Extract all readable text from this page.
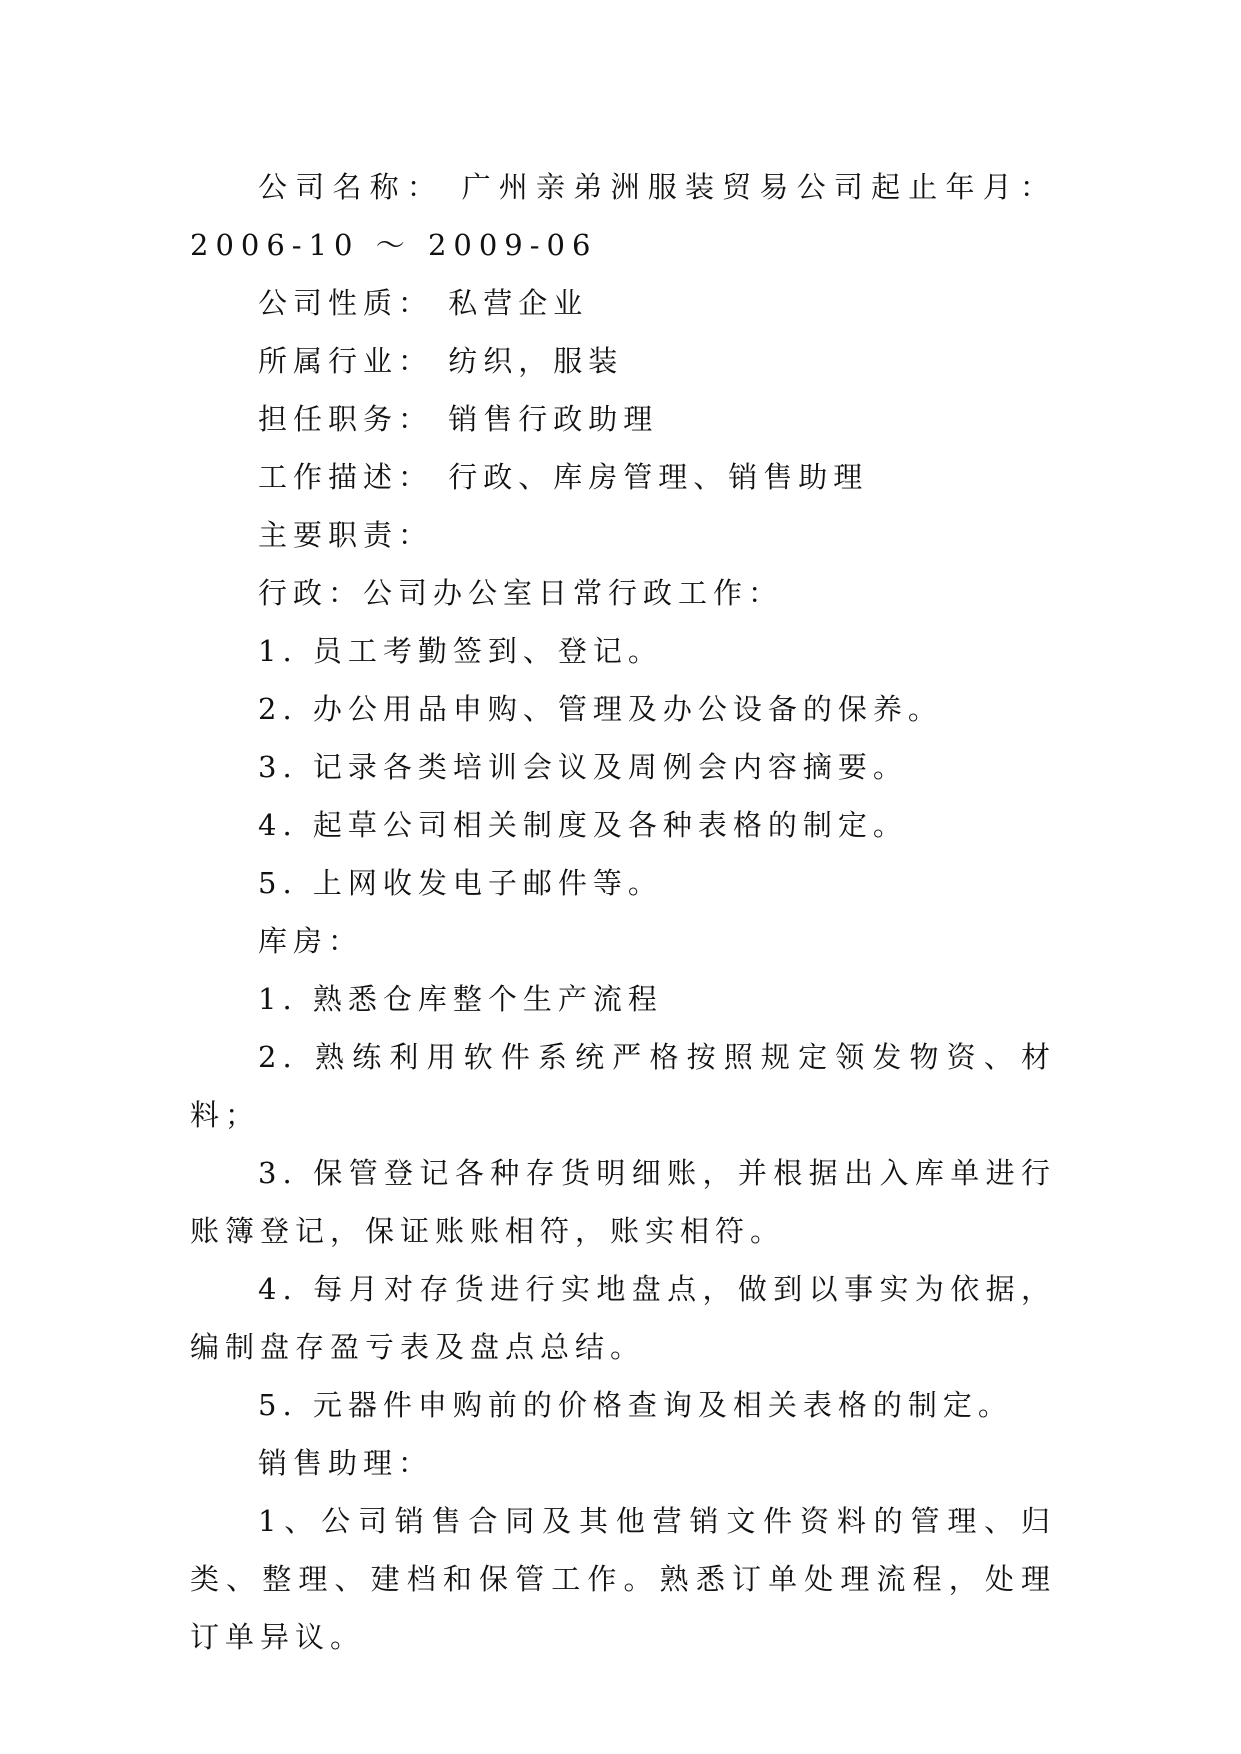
公司名称： 广州亲弟洲服装贸易公司起止年月：2006-10 ～ 2009-06

公司性质： 私营企业

所属行业： 纺织，服装

担任职务： 销售行政助理

工作描述： 行政、库房管理、销售助理

主要职责：

行政：公司办公室日常行政工作：

1. 员工考勤签到、登记。

2. 办公用品申购、管理及办公设备的保养。

3. 记录各类培训会议及周例会内容摘要。

4. 起草公司相关制度及各种表格的制定。

5. 上网收发电子邮件等。

库房：

1. 熟悉仓库整个生产流程

2. 熟练利用软件系统严格按照规定领发物资、材料；

3. 保管登记各种存货明细账，并根据出入库单进行账簿登记，保证账账相符，账实相符。

4. 每月对存货进行实地盘点，做到以事实为依据，编制盘存盈亏表及盘点总结。

5. 元器件申购前的价格查询及相关表格的制定。

销售助理：

1、公司销售合同及其他营销文件资料的管理、归类、整理、建档和保管工作。熟悉订单处理流程，处理订单异议。
